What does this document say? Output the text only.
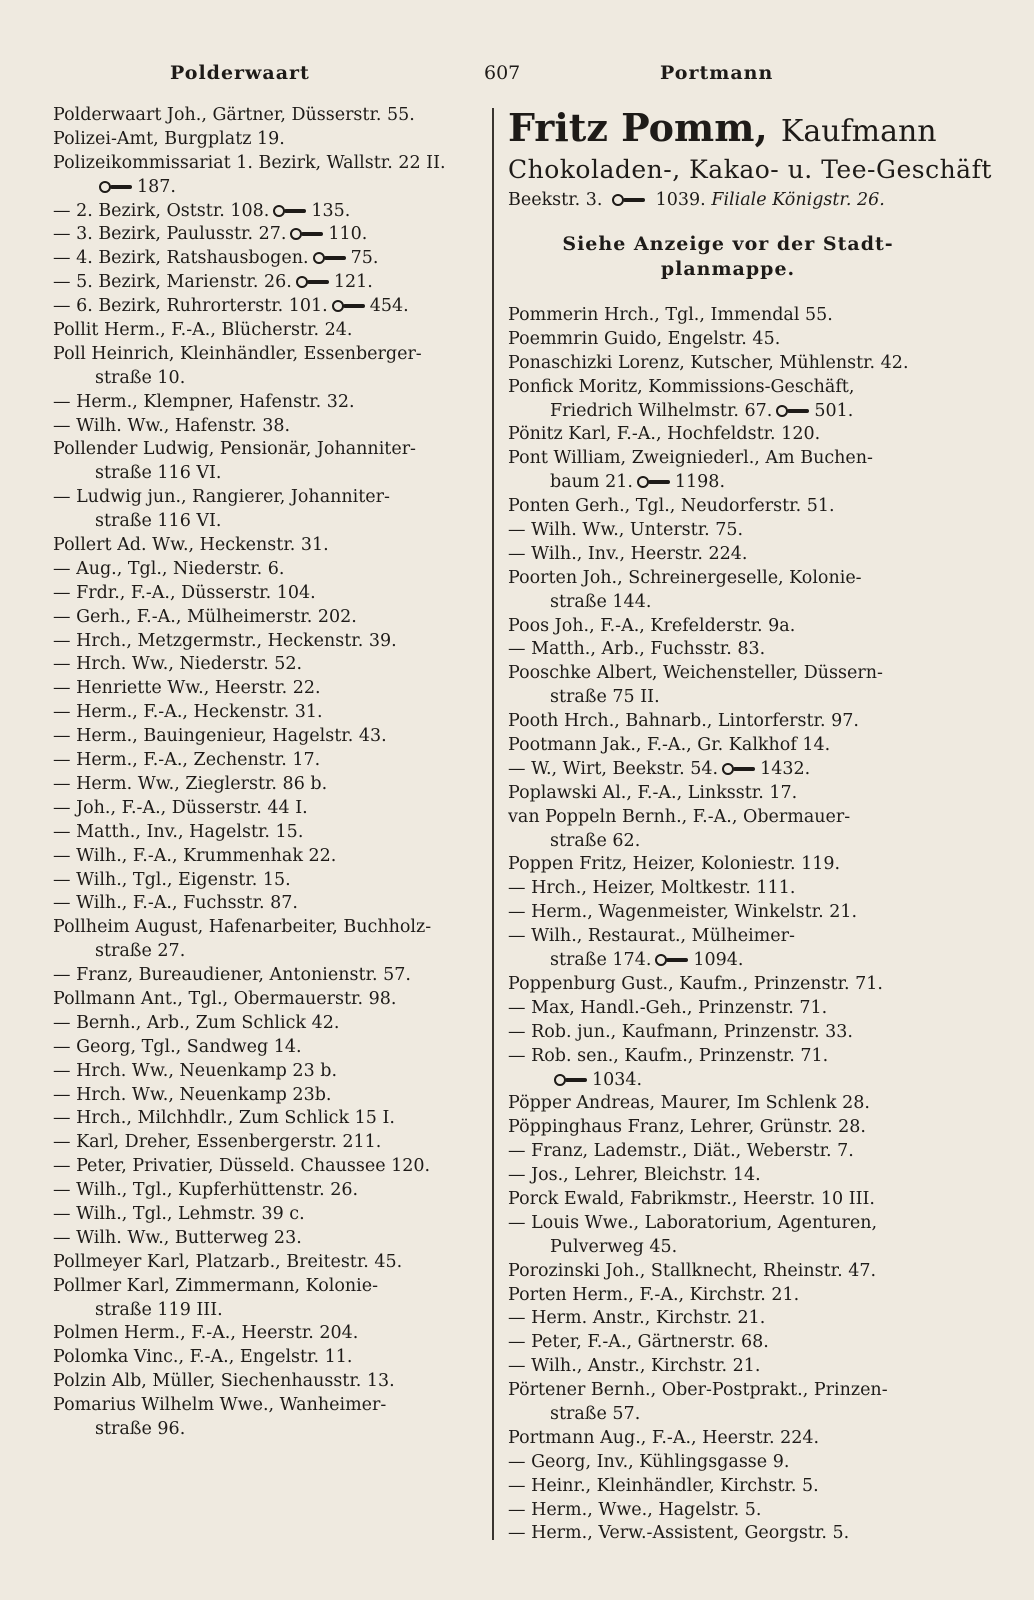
Polderwaart	607	Portmann
Polderwaart Joh., Gärtner, Düsserstr. 55.
Polizei-Amt, Burgplatz 19.
Polizeikommissariat 1. Bezirk, Wallstr. 22 II.
187.
— 2. Bezirk, Oststr. 108. 135.
— 3. Bezirk, Paulusstr. 27. 110.
— 4. Bezirk, Ratshausbogen. 75.
— 5. Bezirk, Marienstr. 26. 121.
— 6. Bezirk, Ruhrorterstr. 101. 454.
Pollit Herm., F.-A., Blücherstr. 24.
Poll Heinrich, Kleinhändler, Essenberger-
straße 10.
— Herm., Klempner, Hafenstr. 32.
— Wilh. Ww., Hafenstr. 38.
Pollender Ludwig, Pensionär, Johanniter-
straße 116 VI.
— Ludwig jun., Rangierer, Johanniter-
straße 116 VI.
Pollert Ad. Ww., Heckenstr. 31.
— Aug., Tgl., Niederstr. 6.
— Frdr., F.-A., Düsserstr. 104.
— Gerh., F.-A., Mülheimerstr. 202.
— Hrch., Metzgermstr., Heckenstr. 39.
— Hrch. Ww., Niederstr. 52.
— Henriette Ww., Heerstr. 22.
— Herm., F.-A., Heckenstr. 31.
— Herm., Bauingenieur, Hagelstr. 43.
— Herm., F.-A., Zechenstr. 17.
— Herm. Ww., Zieglerstr. 86 b.
— Joh., F.-A., Düsserstr. 44 I.
— Matth., Inv., Hagelstr. 15.
— Wilh., F.-A., Krummenhak 22.
— Wilh., Tgl., Eigenstr. 15.
— Wilh., F.-A., Fuchsstr. 87.
Pollheim August, Hafenarbeiter, Buchholz-
straße 27.
— Franz, Bureaudiener, Antonienstr. 57.
Pollmann Ant., Tgl., Obermauerstr. 98.
— Bernh., Arb., Zum Schlick 42.
— Georg, Tgl., Sandweg 14.
— Hrch. Ww., Neuenkamp 23 b.
— Hrch. Ww., Neuenkamp 23b.
— Hrch., Milchhdlr., Zum Schlick 15 I.
— Karl, Dreher, Essenbergerstr. 211.
— Peter, Privatier, Düsseld. Chaussee 120.
— Wilh., Tgl., Kupferhüttenstr. 26.
— Wilh., Tgl., Lehmstr. 39 c.
— Wilh. Ww., Butterweg 23.
Pollmeyer Karl, Platzarb., Breitestr. 45.
Pollmer Karl, Zimmermann, Kolonie-
straße 119 III.
Polmen Herm., F.-A., Heerstr. 204.
Polomka Vinc., F.-A., Engelstr. 11.
Polzin Alb, Müller, Siechenhausstr. 13.
Pomarius Wilhelm Wwe., Wanheimer-
straße 96.
Fritz Pomm, Kaufmann
Chokoladen-, Kakao- u. Tee-Geschäft
Beekstr. 3.	1039. Filiale Königstr. 26.
Siehe Anzeige vor der Stadt-
planmappe.
Pommerin Hrch., Tgl., Immendal 55.
Poemmrin Guido, Engelstr. 45.
Ponaschizki Lorenz, Kutscher, Mühlenstr. 42.
Ponfick Moritz, Kommissions-Geschäft,
Friedrich Wilhelmstr. 67. 501.
Pönitz Karl, F.-A., Hochfeldstr. 120.
Pont William, Zweigniederl., Am Buchen-
baum 21. 1198.
Ponten Gerh., Tgl., Neudorferstr. 51.
— Wilh. Ww., Unterstr. 75.
— Wilh., Inv., Heerstr. 224.
Poorten Joh., Schreinergeselle, Kolonie-
straße 144.
Poos Joh., F.-A., Krefelderstr. 9a.
— Matth., Arb., Fuchsstr. 83.
Pooschke Albert, Weichensteller, Düssern-
straße 75 II.
Pooth Hrch., Bahnarb., Lintorferstr. 97.
Pootmann Jak., F.-A., Gr. Kalkhof 14.
— W., Wirt, Beekstr. 54. 1432.
Poplawski Al., F.-A., Linksstr. 17.
van Poppeln Bernh., F.-A., Obermauer-
straße 62.
Poppen Fritz, Heizer, Koloniestr. 119.
— Hrch., Heizer, Moltkestr. 111.
— Herm., Wagenmeister, Winkelstr. 21.
— Wilh., Restaurat., Mülheimer-
straße 174. 1094.
Poppenburg Gust., Kaufm., Prinzenstr. 71.
— Max, Handl.-Geh., Prinzenstr. 71.
— Rob. jun., Kaufmann, Prinzenstr. 33.
— Rob. sen., Kaufm., Prinzenstr. 71.
1034.
Pöpper Andreas, Maurer, Im Schlenk 28.
Pöppinghaus Franz, Lehrer, Grünstr. 28.
— Franz, Lademstr., Diät., Weberstr. 7.
— Jos., Lehrer, Bleichstr. 14.
Porck Ewald, Fabrikmstr., Heerstr. 10 III.
— Louis Wwe., Laboratorium, Agenturen,
Pulverweg 45.
Porozinski Joh., Stallknecht, Rheinstr. 47.
Porten Herm., F.-A., Kirchstr. 21.
— Herm. Anstr., Kirchstr. 21.
— Peter, F.-A., Gärtnerstr. 68.
— Wilh., Anstr., Kirchstr. 21.
Pörtener Bernh., Ober-Postprakt., Prinzen-
straße 57.
Portmann Aug., F.-A., Heerstr. 224.
— Georg, Inv., Kühlingsgasse 9.
— Heinr., Kleinhändler, Kirchstr. 5.
— Herm., Wwe., Hagelstr. 5.
— Herm., Verw.-Assistent, Georgstr. 5.
